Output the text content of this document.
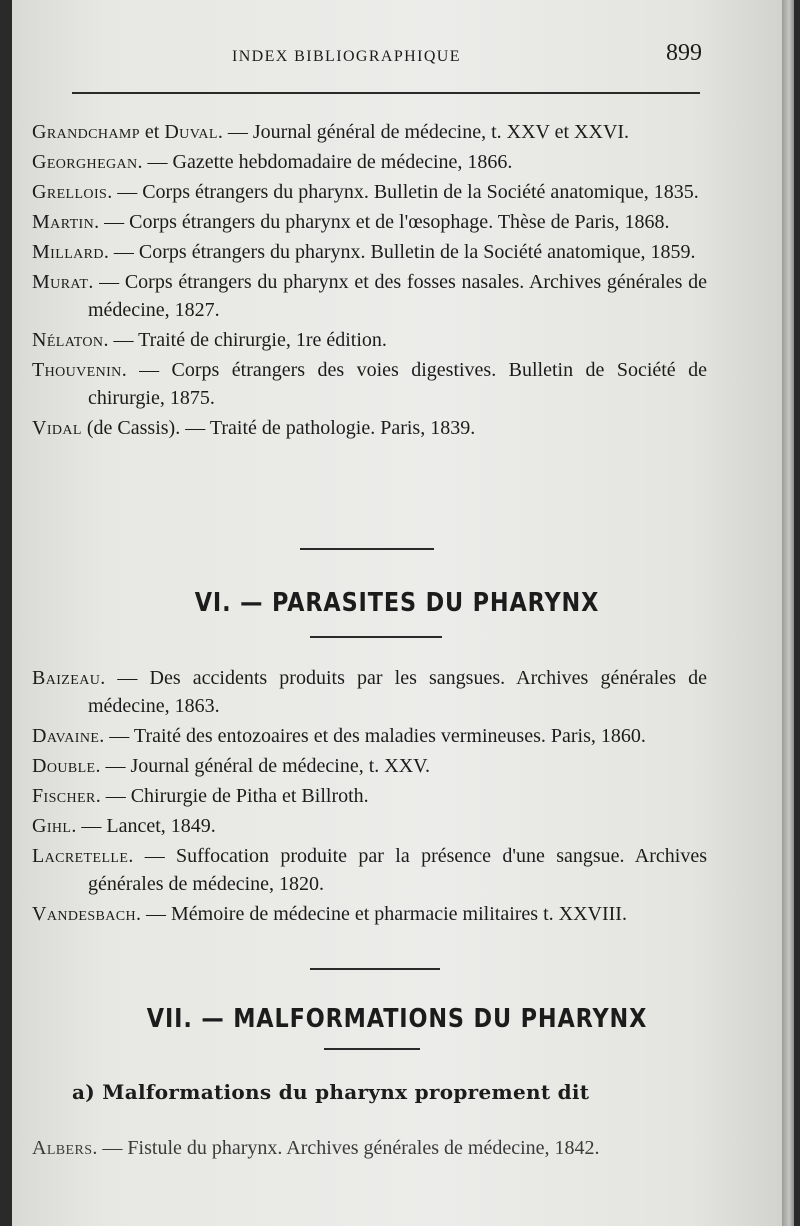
INDEX BIBLIOGRAPHIQUE	899

Grandchamp et Duval. — Journal général de médecine, t. XXV et XXVI.

Georghegan. — Gazette hebdomadaire de médecine, 1866.

Grellois. — Corps étrangers du pharynx. Bulletin de la Société anatomique, 1835.

Martin. — Corps étrangers du pharynx et de l'œsophage. Thèse de Paris, 1868.

Millard. — Corps étrangers du pharynx. Bulletin de la Société anatomique, 1859.

Murat. — Corps étrangers du pharynx et des fosses nasales. Archives générales de médecine, 1827.

Nélaton. — Traité de chirurgie, 1re édition.

Thouvenin. — Corps étrangers des voies digestives. Bulletin de Société de chirurgie, 1875.

Vidal (de Cassis). — Traité de pathologie. Paris, 1839.

VI. — PARASITES DU PHARYNX

Baizeau. — Des accidents produits par les sangsues. Archives générales de médecine, 1863.

Davaine. — Traité des entozoaires et des maladies vermineuses. Paris, 1860.

Double. — Journal général de médecine, t. XXV.

Fischer. — Chirurgie de Pitha et Billroth.

Gihl. — Lancet, 1849.

Lacretelle. — Suffocation produite par la présence d'une sangsue. Archives générales de médecine, 1820.

Vandesbach. — Mémoire de médecine et pharmacie militaires t. XXVIII.

VII. — MALFORMATIONS DU PHARYNX
a) Malformations du pharynx proprement dit

Albers. — Fistule du pharynx. Archives générales de médecine, 1842.
